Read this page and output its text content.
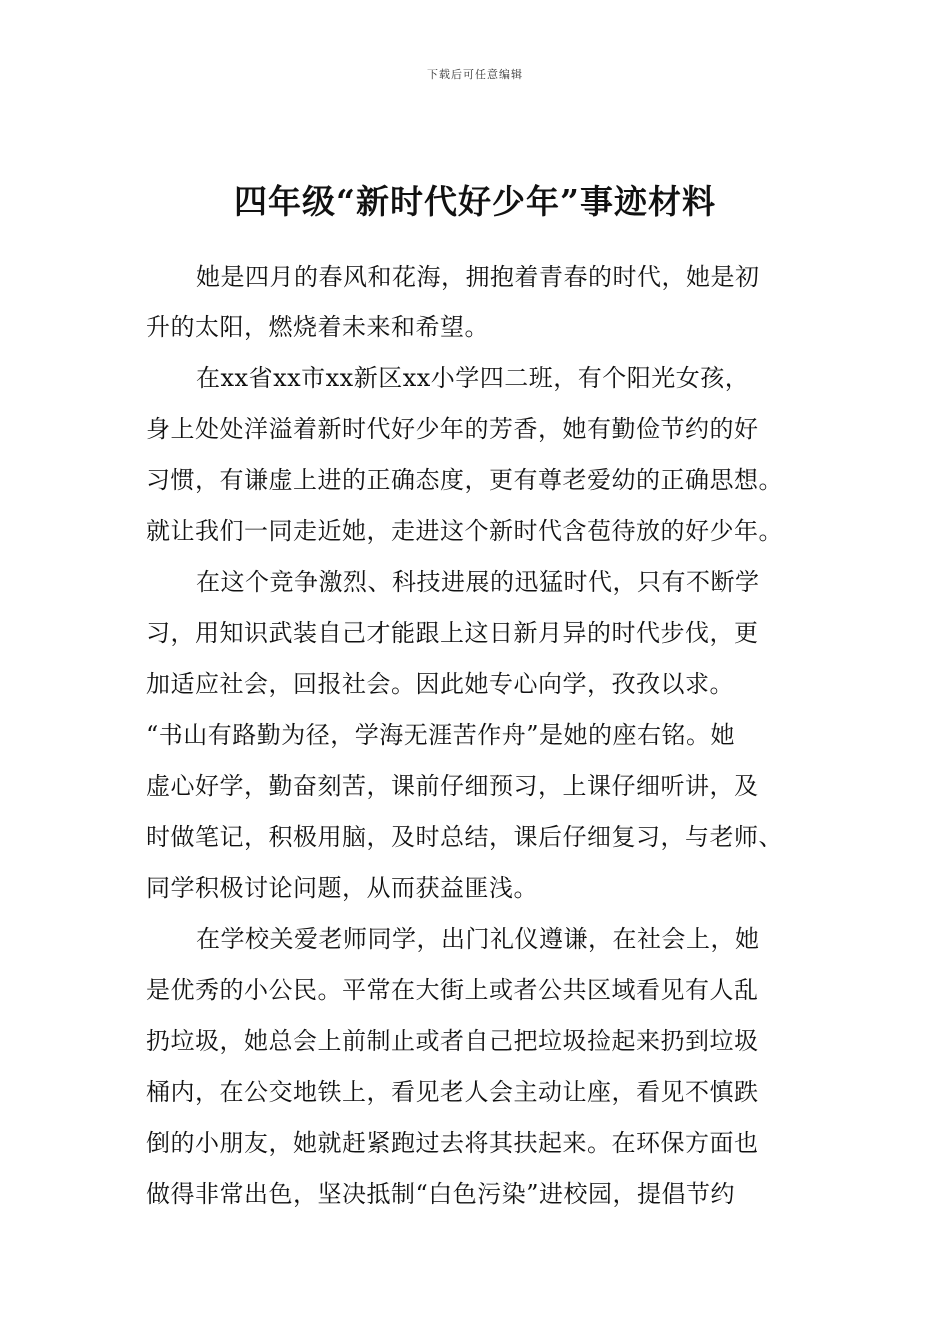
下载后可任意编辑
四年级“新时代好少年”事迹材料
她是四月的春风和花海，拥抱着青春的时代，她是初
升的太阳，燃烧着未来和希望。
在xx省xx市xx新区xx小学四二班，有个阳光女孩，
身上处处洋溢着新时代好少年的芳香，她有勤俭节约的好
习惯，有谦虚上进的正确态度，更有尊老爱幼的正确思想。
就让我们一同走近她，走进这个新时代含苞待放的好少年。
在这个竞争激烈、科技进展的迅猛时代，只有不断学
习，用知识武装自己才能跟上这日新月异的时代步伐，更
加适应社会，回报社会。因此她专心向学，孜孜以求。
“书山有路勤为径，学海无涯苦作舟”是她的座右铭。她
虚心好学，勤奋刻苦，课前仔细预习，上课仔细听讲，及
时做笔记，积极用脑，及时总结，课后仔细复习，与老师、
同学积极讨论问题，从而获益匪浅。
在学校关爱老师同学，出门礼仪遵谦，在社会上，她
是优秀的小公民。平常在大街上或者公共区域看见有人乱
扔垃圾，她总会上前制止或者自己把垃圾捡起来扔到垃圾
桶内，在公交地铁上，看见老人会主动让座，看见不慎跌
倒的小朋友，她就赶紧跑过去将其扶起来。在环保方面也
做得非常出色，坚决抵制“白色污染”进校园，提倡节约
